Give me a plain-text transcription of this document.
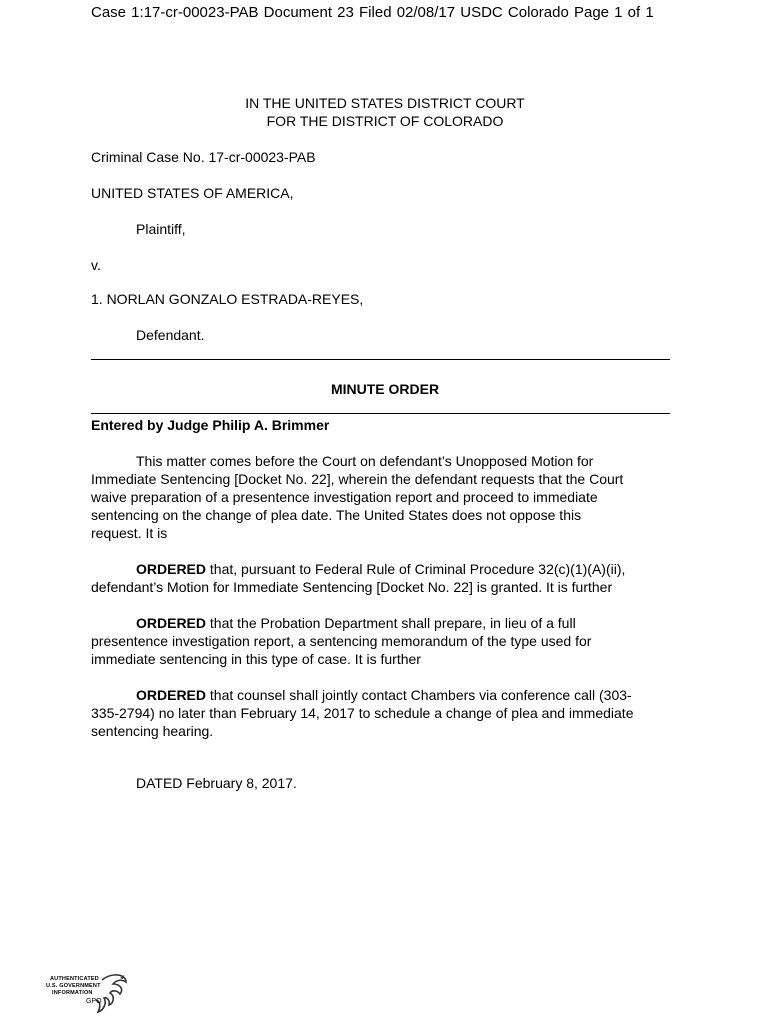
Case 1:17-cr-00023-PAB Document 23 Filed 02/08/17 USDC Colorado Page 1 of 1
IN THE UNITED STATES DISTRICT COURT
FOR THE DISTRICT OF COLORADO
Criminal Case No. 17-cr-00023-PAB
UNITED STATES OF AMERICA,
Plaintiff,
v.
1. NORLAN GONZALO ESTRADA-REYES,
Defendant.
MINUTE ORDER
Entered by Judge Philip A. Brimmer
This matter comes before the Court on defendant’s Unopposed Motion for
Immediate Sentencing [Docket No. 22], wherein the defendant requests that the Court
waive preparation of a presentence investigation report and proceed to immediate
sentencing on the change of plea date. The United States does not oppose this
request. It is
ORDERED that, pursuant to Federal Rule of Criminal Procedure 32(c)(1)(A)(ii),
defendant’s Motion for Immediate Sentencing [Docket No. 22] is granted. It is further
ORDERED that the Probation Department shall prepare, in lieu of a full
presentence investigation report, a sentencing memorandum of the type used for
immediate sentencing in this type of case. It is further
ORDERED that counsel shall jointly contact Chambers via conference call (303-
335-2794) no later than February 14, 2017 to schedule a change of plea and immediate
sentencing hearing.
DATED February 8, 2017.
AUTHENTICATED
U.S. GOVERNMENT
INFORMATION
GPO
